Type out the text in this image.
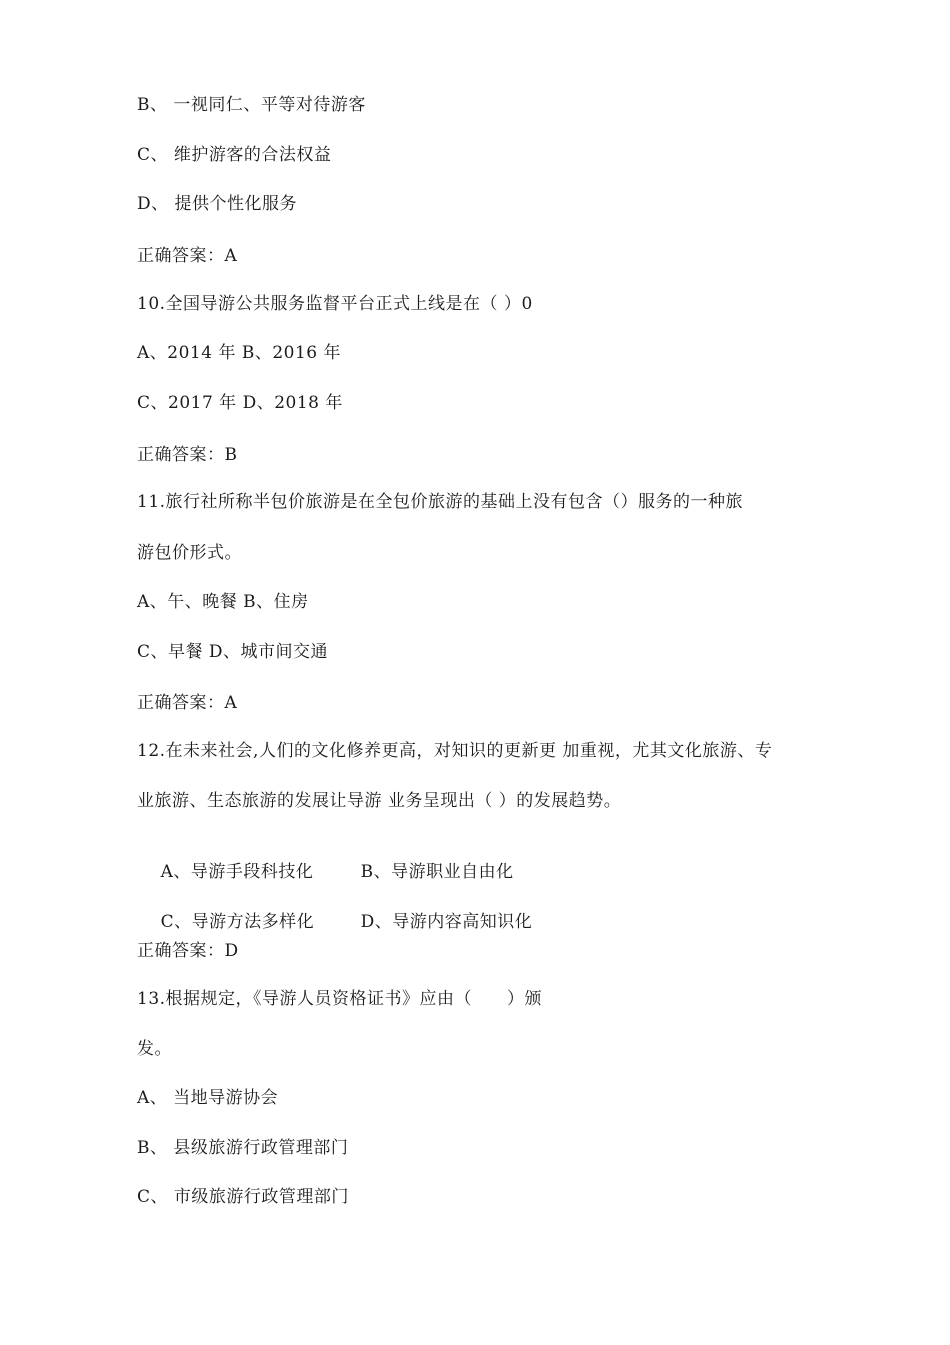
B、 一视同仁、平等对待游客
C、 维护游客的合法权益
D、 提供个性化服务
正确答案：A
10.全国导游公共服务监督平台正式上线是在（ ）0
A、2014 年 B、2016 年
C、2017 年 D、2018 年
正确答案：B
11.旅行社所称半包价旅游是在全包价旅游的基础上没有包含（）服务的一种旅
游包价形式。
A、午、晚餐 B、住房
C、早餐 D、城市间交通
正确答案：A
12.在未来社会,人们的文化修养更高，对知识的更新更 加重视，尤其文化旅游、专
业旅游、生态旅游的发展让导游 业务呈现出（ ）的发展趋势。

A、导游手段科技化	B、导游职业自由化

C、导游方法多样化	D、导游内容高知识化

正确答案：D
13.根据规定，《导游人员资格证书》应由（　　）颁
发。
A、 当地导游协会
B、 县级旅游行政管理部门
C、 市级旅游行政管理部门
